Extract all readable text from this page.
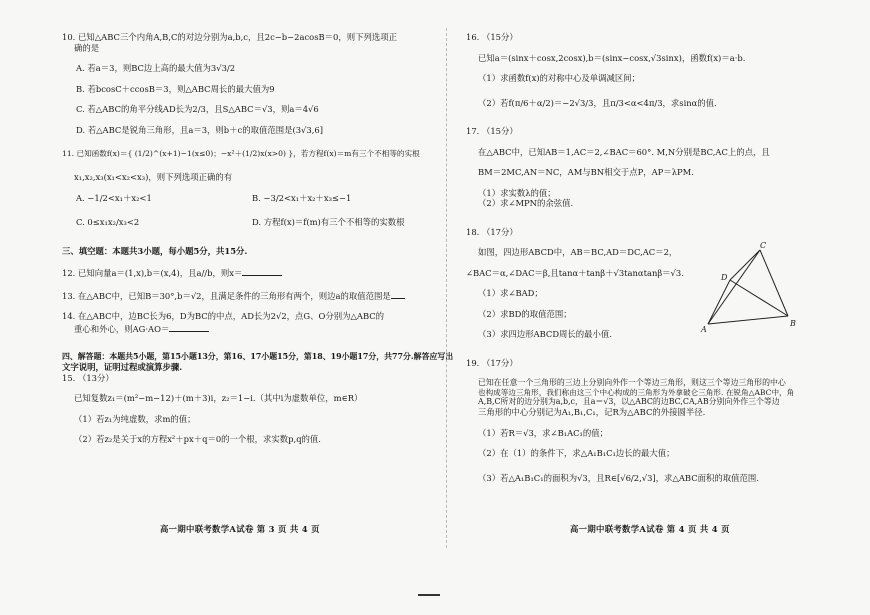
10. 已知△ABC三个内角A,B,C的对边分别为a,b,c，且2c−b−2acosB＝0，则下列选项正
确的是
A. 若a＝3，则BC边上高的最大值为3√3/2
B. 若bcosC＋ccosB＝3，则△ABC周长的最大值为9
C. 若△ABC的角平分线AD长为2/3，且S△ABC＝√3，则a＝4√6
D. 若△ABC是锐角三角形，且a＝3，则b＋c的取值范围是(3√3,6]
11. 已知函数f(x)＝{ (1/2)^(x+1)−1(x≤0)；−x²＋(1/2)x(x>0) }，若方程f(x)＝m有三个不相等的实根
x₁,x₂,x₃(x₁<x₂<x₃)，则下列选项正确的有
A. −1/2<x₁＋x₂<1	B. −3/2<x₁＋x₂＋x₃≤−1
C. 0≤x₁x₂/x₃<2	D. 方程f(x)＝f(m)有三个不相等的实数根
三、填空题：本题共3小题，每小题5分，共15分.
12. 已知向量a＝(1,x),b＝(x,4)，且a//b，则x＝
13. 在△ABC中，已知B＝30°,b＝√2，且满足条件的三角形有两个，则边a的取值范围是
14. 在△ABC中，边BC长为6，D为BC的中点，AD长为2√2，点G、O分别为△ABC的
重心和外心，则AG·AO＝
四、解答题：本题共5小题，第15小题13分，第16、17小题15分，第18、19小题17分，共77分.解答应写出
文字说明，证明过程或演算步骤.
15. （13分）
已知复数z₁＝(m²−m−12)＋(m＋3)i，z₂＝1−i.（其中i为虚数单位，m∈R）
（1）若z₁为纯虚数，求m的值；
（2）若z₂是关于x的方程x²＋px＋q＝0的一个根，求实数p,q的值.
16. （15分）
已知a＝(sinx＋cosx,2cosx),b＝(sinx−cosx,√3sinx)，函数f(x)＝a·b.
（1）求函数f(x)的对称中心及单调减区间；
（2）若f(π/6＋α/2)＝−2√3/3，且π/3<α<4π/3，求sinα的值.
17. （15分）
在△ABC中，已知AB＝1,AC＝2,∠BAC＝60°. M,N分别是BC,AC上的点，且
BM＝2MC,AN＝NC，AM与BN相交于点P，AP＝λPM.
（1）求实数λ的值；
（2）求∠MPN的余弦值.
18. （17分）
如图，四边形ABCD中，AB＝BC,AD＝DC,AC＝2，
∠BAC＝α,∠DAC＝β,且tanα＋tanβ＋√3tanαtanβ＝√3.
（1）求∠BAD；
（2）求BD的取值范围；
（3）求四边形ABCD周长的最小值.
19. （17分）
已知在任意一个三角形的三边上分别向外作一个等边三角形，则这三个等边三角形的中心
也构成等边三角形，我们称由这三个中心构成的三角形为外拿破仑三角形. 在锐角△ABC中，角
A,B,C所对的边分别为a,b,c，且a＝√3，以△ABC的边BC,CA,AB分别向外作三个等边
三角形的中心分别记为A₁,B₁,C₁，记R为△ABC的外接圆半径.
（1）若R＝√3，求∠B₁AC₁的值；
（2）在（1）的条件下，求△A₁B₁C₁边长的最大值；
（3）若△A₁B₁C₁的面积为√3，且R∈[√6/2,√3]，求△ABC面积的取值范围.
A
B
C
D
高一期中联考数学A试卷 第 3 页 共 4 页	高一期中联考数学A试卷 第 4 页 共 4 页
